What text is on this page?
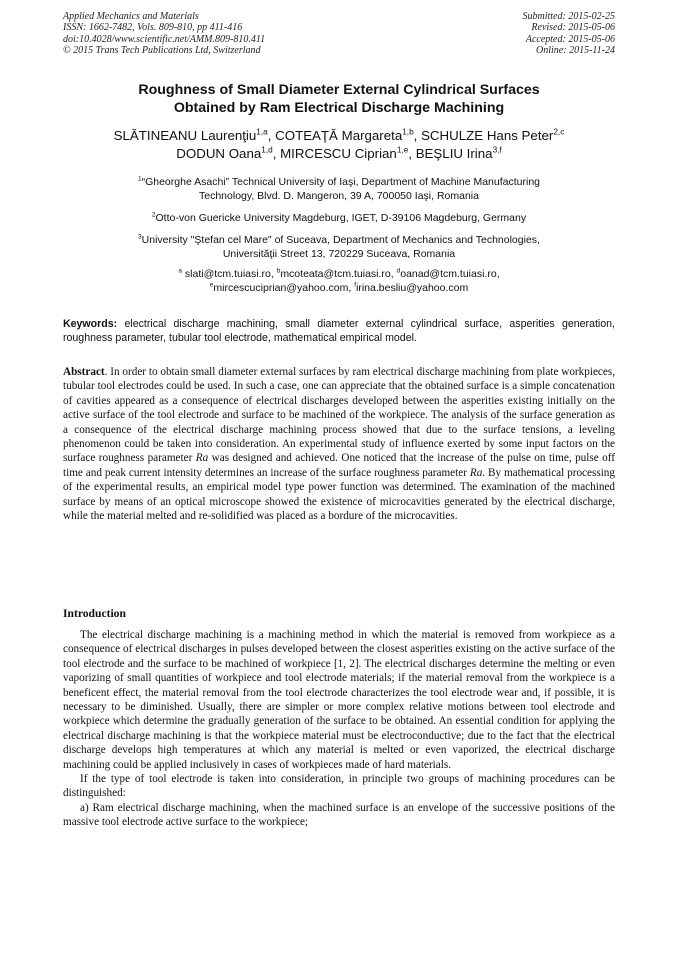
Applied Mechanics and Materials
ISSN: 1662-7482, Vols. 809-810, pp 411-416
doi:10.4028/www.scientific.net/AMM.809-810.411
© 2015 Trans Tech Publications Ltd, Switzerland
Submitted: 2015-02-25
Revised: 2015-05-06
Accepted: 2015-05-06
Online: 2015-11-24
Roughness of Small Diameter External Cylindrical Surfaces
Obtained by Ram Electrical Discharge Machining
SLĂTINEANU Laurenţiu$^{1,a}$, COTEAŢĂ Margareta$^{1,b}$, SCHULZE Hans Peter$^{2,c}$
DODUN Oana$^{1,d}$, MIRCESCU Ciprian$^{1,e}$, BEŞLIU Irina$^{3,f}$
$^1$“Gheorghe Asachi” Technical University of Iaşi, Department of Machine Manufacturing
Technology, Blvd. D. Mangeron, 39 A, 700050 Iaşi, Romania
$^2$Otto-von Guericke University Magdeburg, IGET, D-39106 Magdeburg, Germany
$^3$University "Ştefan cel Mare" of Suceava, Department of Mechanics and Technologies,
Universităţii Street 13, 720229 Suceava, Romania
$^a$ slati@tcm.tuiasi.ro, $^b$mcoteata@tcm.tuiasi.ro, $^d$oanad@tcm.tuiasi.ro,
$^e$mircescuciprian@yahoo.com, $^f$irina.besliu@yahoo.com
Keywords: electrical discharge machining, small diameter external cylindrical surface, asperities generation, roughness parameter, tubular tool electrode, mathematical empirical model.
Abstract. In order to obtain small diameter external surfaces by ram electrical discharge machining from plate workpieces, tubular tool electrodes could be used. In such a case, one can appreciate that the obtained surface is a simple concatenation of cavities appeared as a consequence of electrical discharges developed between the asperities existing initially on the active surface of the tool electrode and surface to be machined of the workpiece. The analysis of the surface generation as a consequence of the electrical discharge machining process showed that due to the surface tensions, a leveling phenomenon could be taken into consideration. An experimental study of influence exerted by some input factors on the surface roughness parameter Ra was designed and achieved. One noticed that the increase of the pulse on time, pulse off time and peak current intensity determines an increase of the surface roughness parameter Ra. By mathematical processing of the experimental results, an empirical model type power function was determined. The examination of the machined surface by means of an optical microscope showed the existence of microcavities generated by the electrical discharge, while the material melted and re-solidified was placed as a bordure of the microcavities.
Introduction

The electrical discharge machining is a machining method in which the material is removed from workpiece as a consequence of electrical discharges in pulses developed between the closest asperities existing on the active surface of the tool electrode and the surface to be machined of workpiece [1, 2]. The electrical discharges determine the melting or even vaporizing of small quantities of workpiece and tool electrode materials; if the material removal from the workpiece is a beneficent effect, the material removal from the tool electrode characterizes the tool electrode wear and, if possible, it is necessary to be diminished. Usually, there are simpler or more complex relative motions between tool electrode and workpiece which determine the gradually generation of the surface to be obtained. An essential condition for applying the electrical discharge machining is that the workpiece material must be electroconductive; due to the fact that the electrical discharge develops high temperatures at which any material is melted or even vaporized, the electrical discharge machining could be applied inclusively in cases of workpieces made of hard materials.

If the type of tool electrode is taken into consideration, in principle two groups of machining procedures can be distinguished:

a) Ram electrical discharge machining, when the machined surface is an envelope of the successive positions of the massive tool electrode active surface to the workpiece;
